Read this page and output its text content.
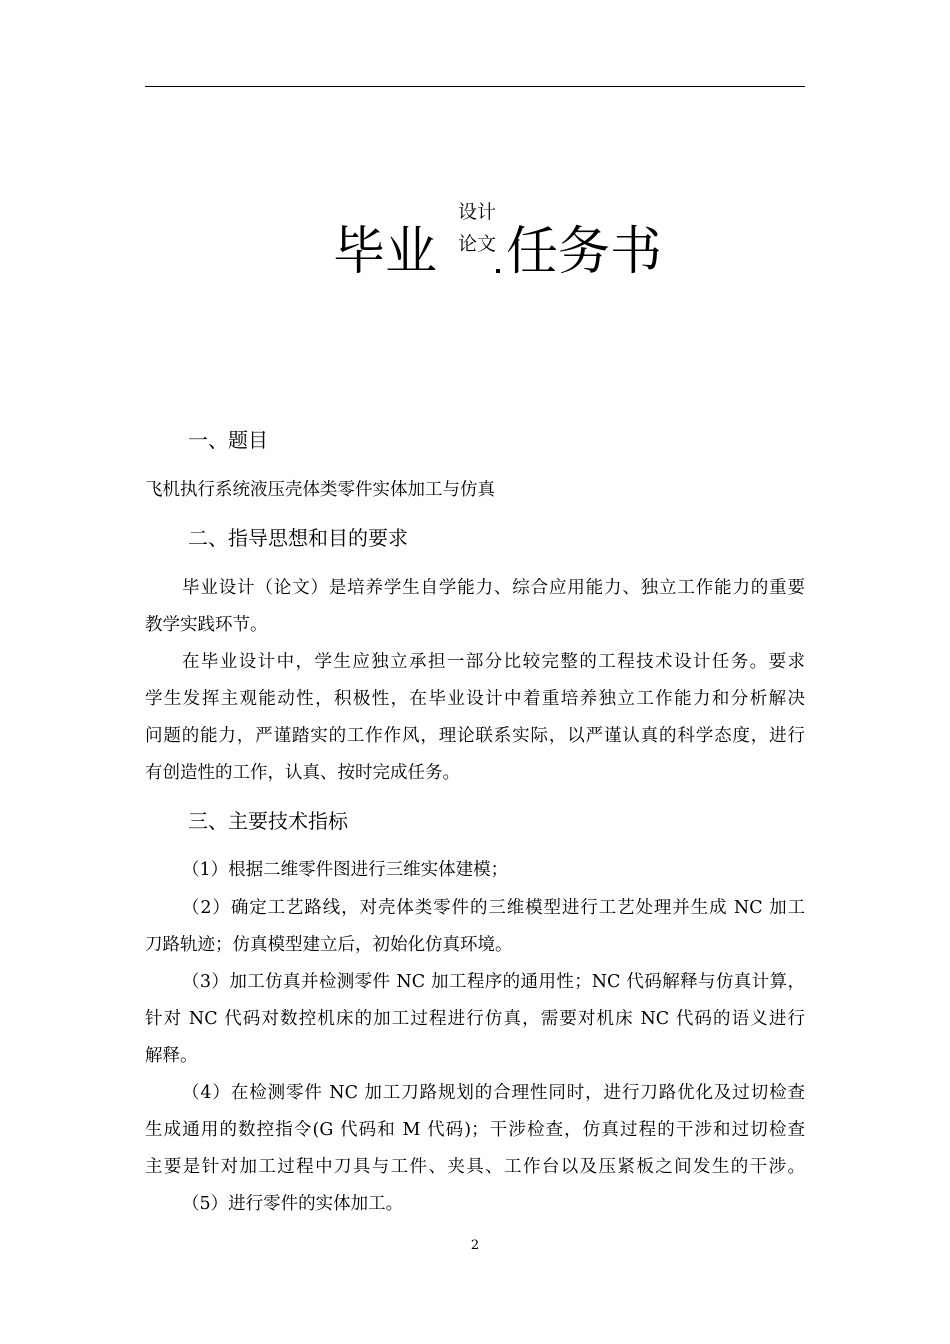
毕业
设计
论文 任务书
一、题目
飞机执行系统液压壳体类零件实体加工与仿真
二、指导思想和目的要求
毕业设计（论文）是培养学生自学能力、综合应用能力、独立工作能力的重要
教学实践环节。
在毕业设计中，学生应独立承担一部分比较完整的工程技术设计任务。要求
学生发挥主观能动性，积极性，在毕业设计中着重培养独立工作能力和分析解决
问题的能力，严谨踏实的工作作风，理论联系实际，以严谨认真的科学态度，进行
有创造性的工作，认真、按时完成任务。
三、主要技术指标
（1）根据二维零件图进行三维实体建模；
（2）确定工艺路线，对壳体类零件的三维模型进行工艺处理并生成 NC 加工
刀路轨迹；仿真模型建立后，初始化仿真环境。
（3）加工仿真并检测零件 NC 加工程序的通用性；NC 代码解释与仿真计算，
针对 NC 代码对数控机床的加工过程进行仿真，需要对机床 NC 代码的语义进行
解释。
（4）在检测零件 NC 加工刀路规划的合理性同时，进行刀路优化及过切检查
生成通用的数控指令(G 代码和 M 代码)；干涉检查，仿真过程的干涉和过切检查
主要是针对加工过程中刀具与工件、夹具、工作台以及压紧板之间发生的干涉。
（5）进行零件的实体加工。
2
